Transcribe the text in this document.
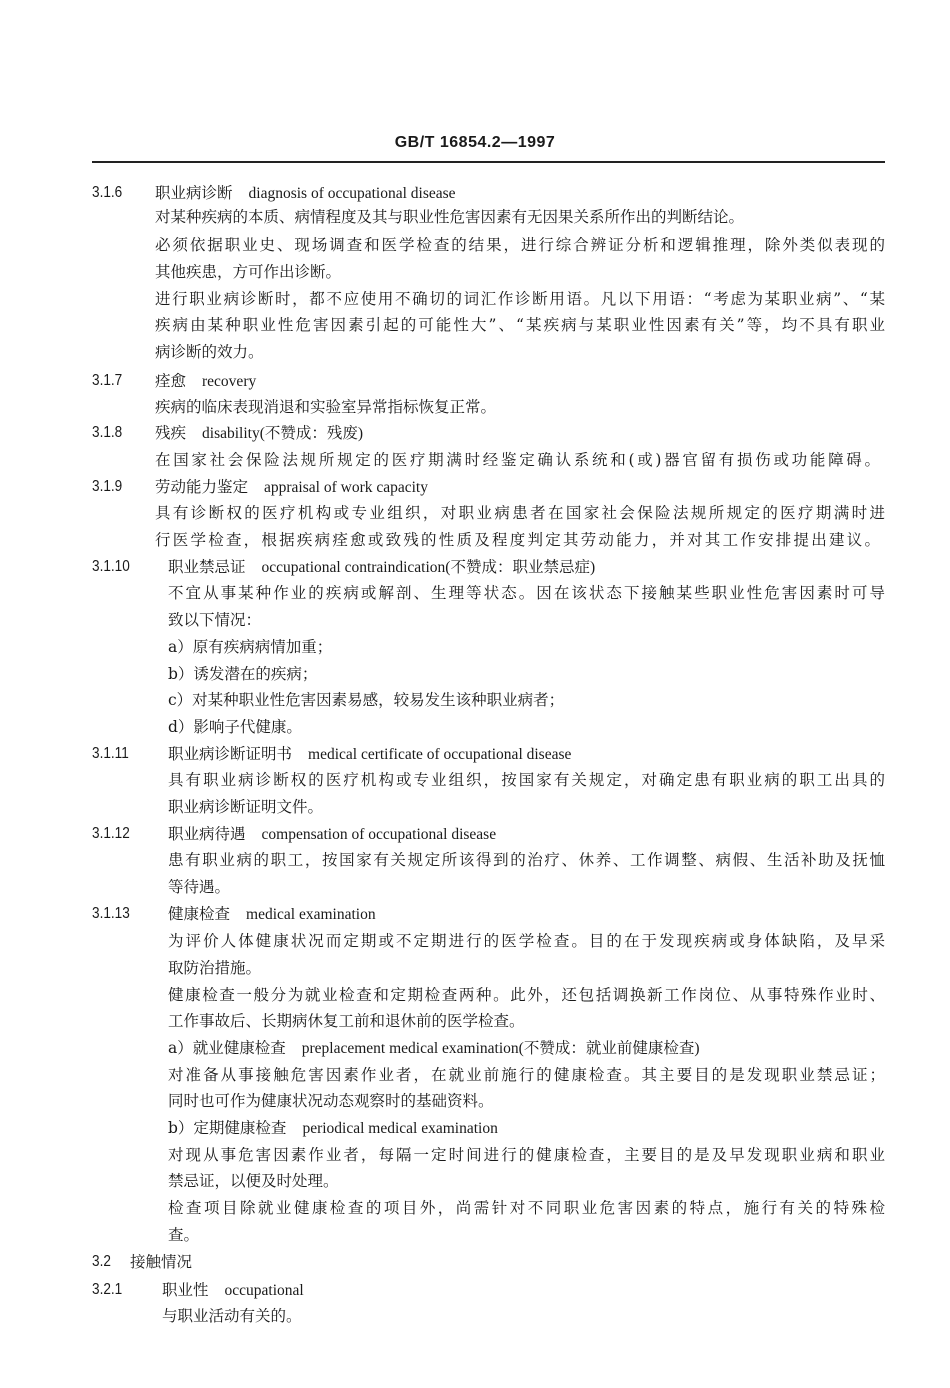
GB/T 16854.2—1997
3.1.6 职业病诊断 diagnosis of occupational disease
对某种疾病的本质、病情程度及其与职业性危害因素有无因果关系所作出的判断结论。
必须依据职业史、现场调查和医学检查的结果，进行综合辨证分析和逻辑推理，除外类似表现的
其他疾患，方可作出诊断。
进行职业病诊断时，都不应使用不确切的词汇作诊断用语。凡以下用语：“考虑为某职业病”、“某
疾病由某种职业性危害因素引起的可能性大”、“某疾病与某职业性因素有关”等，均不具有职业
病诊断的效力。
3.1.7 痊愈 recovery
疾病的临床表现消退和实验室异常指标恢复正常。
3.1.8 残疾 disability(不赞成：残废)
在国家社会保险法规所规定的医疗期满时经鉴定确认系统和(或)器官留有损伤或功能障碍。
3.1.9 劳动能力鉴定 appraisal of work capacity
具有诊断权的医疗机构或专业组织，对职业病患者在国家社会保险法规所规定的医疗期满时进
行医学检查，根据疾病痊愈或致残的性质及程度判定其劳动能力，并对其工作安排提出建议。
3.1.10 职业禁忌证 occupational contraindication(不赞成：职业禁忌症)
不宜从事某种作业的疾病或解剖、生理等状态。因在该状态下接触某些职业性危害因素时可导
致以下情况：
a）原有疾病病情加重；
b）诱发潜在的疾病；
c）对某种职业性危害因素易感，较易发生该种职业病者；
d）影响子代健康。
3.1.11	职业病诊断证明书 medical certificate of occupational disease
具有职业病诊断权的医疗机构或专业组织，按国家有关规定，对确定患有职业病的职工出具的
职业病诊断证明文件。
3.1.12 职业病待遇 compensation of occupational disease
患有职业病的职工，按国家有关规定所该得到的治疗、休养、工作调整、病假、生活补助及抚恤
等待遇。
3.1.13 健康检查 medical examination
为评价人体健康状况而定期或不定期进行的医学检查。目的在于发现疾病或身体缺陷，及早采
取防治措施。
健康检查一般分为就业检查和定期检查两种。此外，还包括调换新工作岗位、从事特殊作业时、
工作事故后、长期病休复工前和退休前的医学检查。
a）就业健康检查 preplacement medical examination(不赞成：就业前健康检查)
对准备从事接触危害因素作业者，在就业前施行的健康检查。其主要目的是发现职业禁忌证；
同时也可作为健康状况动态观察时的基础资料。
b）定期健康检查 periodical medical examination
对现从事危害因素作业者，每隔一定时间进行的健康检查，主要目的是及早发现职业病和职业
禁忌证，以便及时处理。
检查项目除就业健康检查的项目外，尚需针对不同职业危害因素的特点，施行有关的特殊检
查。
3.2 接触情况
3.2.1	职业性 occupational
与职业活动有关的。
